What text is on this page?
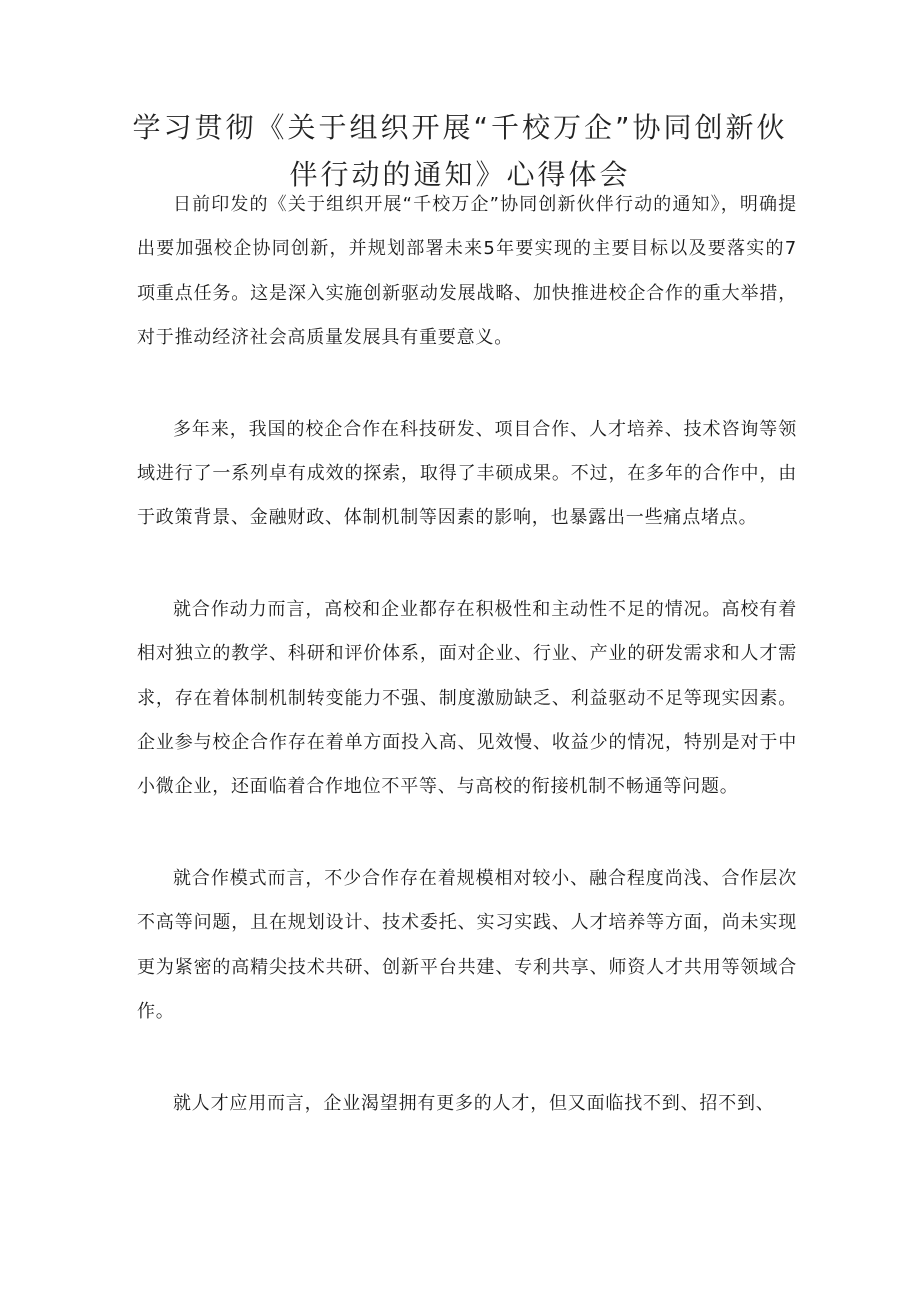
学习贯彻《关于组织开展“千校万企”协同创新伙
伴行动的通知》心得体会

日前印发的《关于组织开展“千校万企”协同创新伙伴行动的通知》，明确提出要加强校企协同创新，并规划部署未来5年要实现的主要目标以及要落实的7项重点任务。这是深入实施创新驱动发展战略、加快推进校企合作的重大举措，对于推动经济社会高质量发展具有重要意义。

多年来，我国的校企合作在科技研发、项目合作、人才培养、技术咨询等领域进行了一系列卓有成效的探索，取得了丰硕成果。不过，在多年的合作中，由于政策背景、金融财政、体制机制等因素的影响，也暴露出一些痛点堵点。

就合作动力而言，高校和企业都存在积极性和主动性不足的情况。高校有着相对独立的教学、科研和评价体系，面对企业、行业、产业的研发需求和人才需求，存在着体制机制转变能力不强、制度激励缺乏、利益驱动不足等现实因素。企业参与校企合作存在着单方面投入高、见效慢、收益少的情况，特别是对于中小微企业，还面临着合作地位不平等、与高校的衔接机制不畅通等问题。

就合作模式而言，不少合作存在着规模相对较小、融合程度尚浅、合作层次不高等问题，且在规划设计、技术委托、实习实践、人才培养等方面，尚未实现更为紧密的高精尖技术共研、创新平台共建、专利共享、师资人才共用等领域合作。

就人才应用而言，企业渴望拥有更多的人才，但又面临找不到、招不到、
